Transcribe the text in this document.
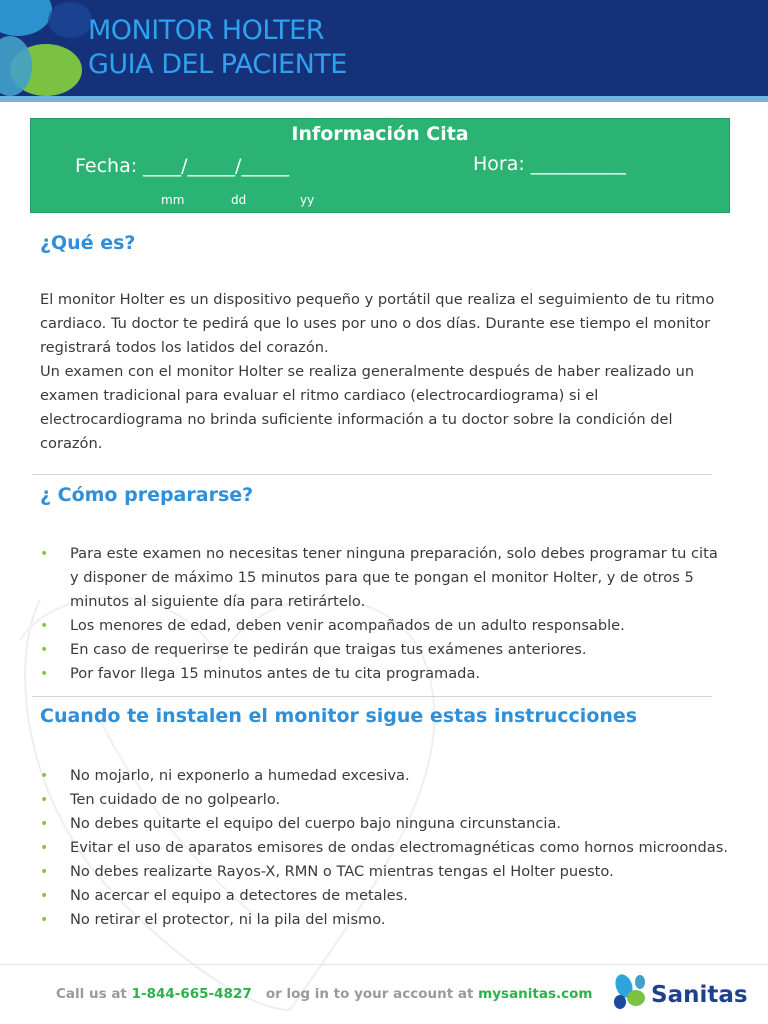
MONITOR HOLTER
GUIA DEL PACIENTE
Información Cita
Fecha: ____/_____/_____	Hora: __________
mm	dd	yy
¿Qué es?

El monitor Holter es un dispositivo pequeño y portátil que realiza el seguimiento de tu ritmo cardiaco. Tu doctor te pedirá que lo uses por uno o dos días. Durante ese tiempo el monitor registrará todos los latidos del corazón.

Un examen con el monitor Holter se realiza generalmente después de haber realizado un examen tradicional para evaluar el ritmo cardiaco (electrocardiograma) si el electrocardiograma no brinda suficiente información a tu doctor sobre la condición del corazón.

¿ Cómo prepararse?
• Para este examen no necesitas tener ninguna preparación, solo debes programar tu cita y disponer de máximo 15 minutos para que te pongan el monitor Holter, y de otros 5 minutos al siguiente día para retirártelo.
• Los menores de edad, deben venir acompañados de un adulto responsable.
• En caso de requerirse te pedirán que traigas tus exámenes anteriores.
• Por favor llega 15 minutos antes de tu cita programada.
Cuando te instalen el monitor sigue estas instrucciones
• No mojarlo, ni exponerlo a humedad excesiva.
• Ten cuidado de no golpearlo.
• No debes quitarte el equipo del cuerpo bajo ninguna circunstancia.
• Evitar el uso de aparatos emisores de ondas electromagnéticas como hornos microondas.
• No debes realizarte Rayos-X, RMN o TAC mientras tengas el Holter puesto.
• No acercar el equipo a detectores de metales.
• No retirar el protector, ni la pila del mismo.
Call us at 1-844-665-4827   or log in to your account at mysanitas.com	Sanitas
